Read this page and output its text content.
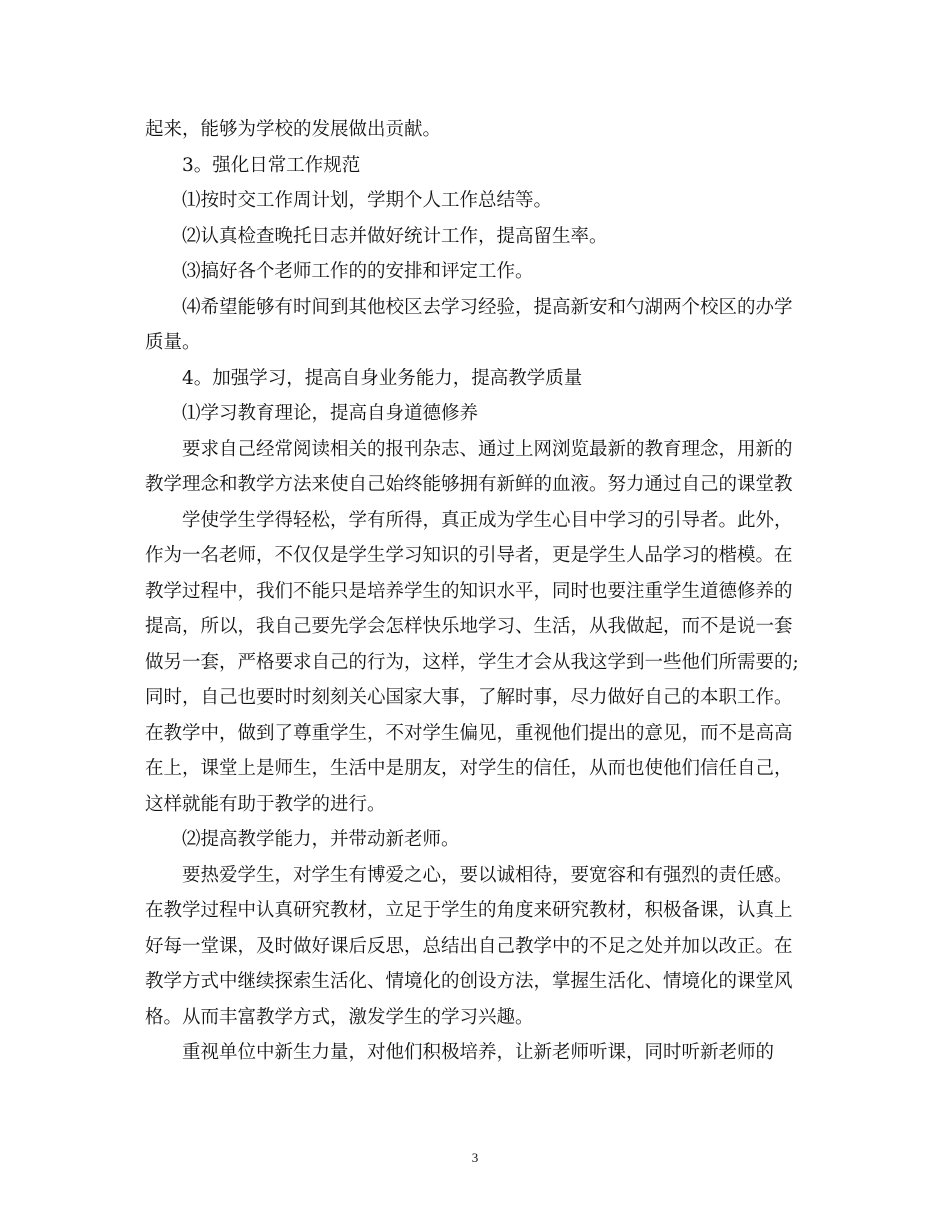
起来，能够为学校的发展做出贡献。
3。强化日常工作规范
⑴按时交工作周计划，学期个人工作总结等。
⑵认真检查晚托日志并做好统计工作，提高留生率。
⑶搞好各个老师工作的的安排和评定工作。
⑷希望能够有时间到其他校区去学习经验，提高新安和勺湖两个校区的办学
质量。
4。加强学习，提高自身业务能力，提高教学质量
⑴学习教育理论，提高自身道德修养
要求自己经常阅读相关的报刊杂志、通过上网浏览最新的教育理念，用新的
教学理念和教学方法来使自己始终能够拥有新鲜的血液。努力通过自己的课堂教
学使学生学得轻松，学有所得，真正成为学生心目中学习的引导者。此外，
作为一名老师，不仅仅是学生学习知识的引导者，更是学生人品学习的楷模。在
教学过程中，我们不能只是培养学生的知识水平，同时也要注重学生道德修养的
提高，所以，我自己要先学会怎样快乐地学习、生活，从我做起，而不是说一套
做另一套，严格要求自己的行为，这样，学生才会从我这学到一些他们所需要的;
同时，自己也要时时刻刻关心国家大事，了解时事，尽力做好自己的本职工作。
在教学中，做到了尊重学生，不对学生偏见，重视他们提出的意见，而不是高高
在上，课堂上是师生，生活中是朋友，对学生的信任，从而也使他们信任自己，
这样就能有助于教学的进行。
⑵提高教学能力，并带动新老师。
要热爱学生，对学生有博爱之心，要以诚相待，要宽容和有强烈的责任感。
在教学过程中认真研究教材，立足于学生的角度来研究教材，积极备课，认真上
好每一堂课，及时做好课后反思，总结出自己教学中的不足之处并加以改正。在
教学方式中继续探索生活化、情境化的创设方法，掌握生活化、情境化的课堂风
格。从而丰富教学方式，激发学生的学习兴趣。
重视单位中新生力量，对他们积极培养，让新老师听课，同时听新老师的
3
